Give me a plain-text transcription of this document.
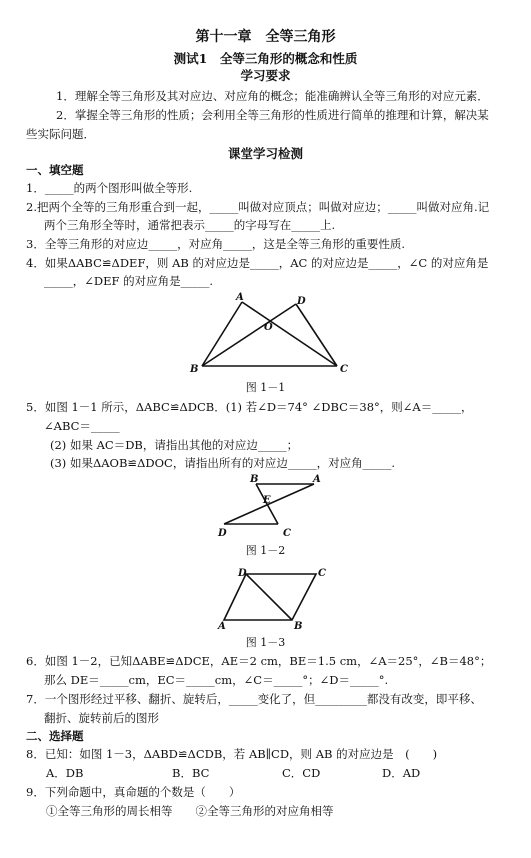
第十一章　全等三角形
测试1　全等三角形的概念和性质
学习要求
1．理解全等三角形及其对应边、对应角的概念；能准确辨认全等三角形的对应元素．
2．掌握全等三角形的性质；会利用全等三角形的性质进行简单的推理和计算，解决某
些实际问题．
课堂学习检测
一、填空题
1．_____的两个图形叫做全等形.
2.把两个全等的三角形重合到一起，_____叫做对应顶点；叫做对应边；_____叫做对应角.记
两个三角形全等时，通常把表示_____的字母写在_____上.
3．全等三角形的对应边_____，对应角_____，这是全等三角形的重要性质.
4．如果ΔABC≌ΔDEF，则 AB 的对应边是_____，AC 的对应边是_____，∠C 的对应角是
_____，∠DEF 的对应角是_____.
A
B	C
D
O
图 1－1
5．如图 1－1 所示，ΔABC≌ΔDCB．(1) 若∠D＝74° ∠DBC＝38°，则∠A＝_____，
∠ABC＝_____
(2) 如果 AC＝DB，请指出其他的对应边_____；
(3) 如果ΔAOB≌ΔDOC，请指出所有的对应边_____，对应角_____.
B	A
E
D	C
图 1－2
D	C
A	B
图 1－3
6．如图 1－2，已知ΔABE≌ΔDCE，AE＝2 cm，BE＝1.5 cm，∠A＝25°，∠B＝48°；
那么 DE＝_____cm，EC＝_____cm，∠C＝_____°；∠D＝_____°.
7．一个图形经过平移、翻折、旋转后，_____变化了，但_________都没有改变，即平移、
翻折、旋转前后的图形
二、选择题
8．已知：如图 1－3，ΔABD≌ΔCDB，若 AB∥CD，则 AB 的对应边是　(　　)
A．DB	B．BC	C．CD	D．AD
9．下列命题中，真命题的个数是（　　）
①全等三角形的周长相等　　②全等三角形的对应角相等
